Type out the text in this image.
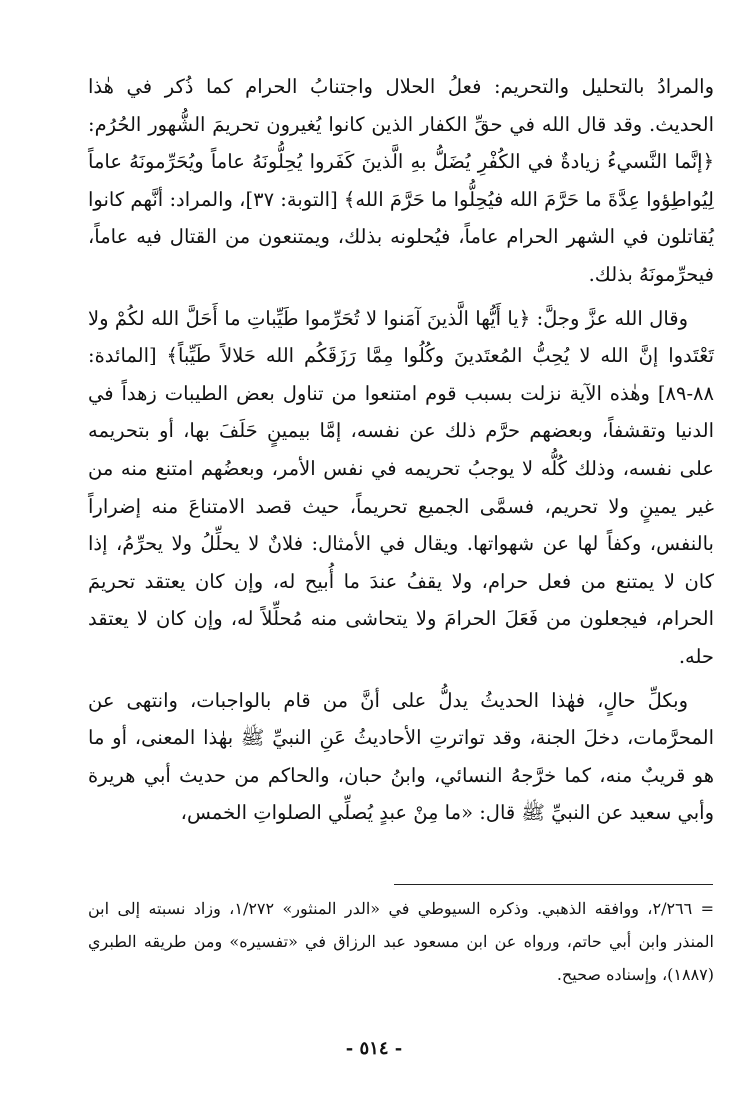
والمرادُ بالتحليل والتحريم: فعلُ الحلال واجتنابُ الحرام كما ذُكر في هٰذا الحديث. وقد قال الله في حقِّ الكفار الذين كانوا يُغيرون تحريمَ الشُّهور الحُرُم: ﴿إنَّما النَّسيءُ زيادةٌ في الكُفْرِ يُضَلُّ بهِ الَّذينَ كَفَروا يُحِلُّونَهُ عاماً ويُحَرِّمونَهُ عاماً لِيُواطِؤوا عِدَّةَ ما حَرَّمَ الله فيُحِلُّوا ما حَرَّمَ الله﴾ [التوبة: ٣٧]، والمراد: أنَّهم كانوا يُقاتلون في الشهر الحرام عاماً، فيُحلونه بذلك، ويمتنعون من القتال فيه عاماً، فيحرِّمونَهُ بذلك.

وقال الله عزَّ وجلَّ: ﴿يا أَيُّها الَّذينَ آمَنوا لا تُحَرِّموا طَيِّباتِ ما أَحَلَّ الله لكُمْ ولا تَعْتَدوا إنَّ الله لا يُحِبُّ المُعتَدينَ وكُلُوا مِمَّا رَزَقَكُم الله حَلالاً طَيِّباً﴾ [المائدة: ٨٨-٨٩] وهٰذه الآية نزلت بسبب قوم امتنعوا من تناول بعض الطيبات زهداً في الدنيا وتقشفاً، وبعضهم حرَّم ذلك عن نفسه، إمَّا بيمينٍ حَلَفَ بها، أو بتحريمه على نفسه، وذلك كُلُّه لا يوجبُ تحريمه في نفس الأمر، وبعضُهم امتنع منه من غير يمينٍ ولا تحريم، فسمَّى الجميع تحريماً، حيث قصد الامتناعَ منه إضراراً بالنفس، وكفاً لها عن شهواتها. ويقال في الأمثال: فلانٌ لا يحلِّلُ ولا يحرِّمُ، إذا كان لا يمتنع من فعل حرام، ولا يقفُ عندَ ما أُبيح له، وإن كان يعتقد تحريمَ الحرام، فيجعلون من فَعَلَ الحرامَ ولا يتحاشى منه مُحلِّلاً له، وإن كان لا يعتقد حله.

وبكلِّ حالٍ، فهٰذا الحديثُ يدلُّ على أنَّ من قام بالواجبات، وانتهى عن المحرَّمات، دخلَ الجنة، وقد تواترتِ الأحاديثُ عَنِ النبيِّ ﷺ بهٰذا المعنى، أو ما هو قريبٌ منه، كما خرَّجهُ النسائي، وابنُ حبان، والحاكم من حديث أبي هريرة وأبي سعيد عن النبيِّ ﷺ قال: «ما مِنْ عبدٍ يُصلِّي الصلواتِ الخمس،

= ٢/٢٦٦، ووافقه الذهبي. وذكره السيوطي في «الدر المنثور» ١/٢٧٢، وزاد نسبته إلى ابن المنذر وابن أبي حاتم، ورواه عن ابن مسعود عبد الرزاق في «تفسيره» ومن طريقه الطبري (١٨٨٧)، وإسناده صحيح.

- ٥١٤ -
